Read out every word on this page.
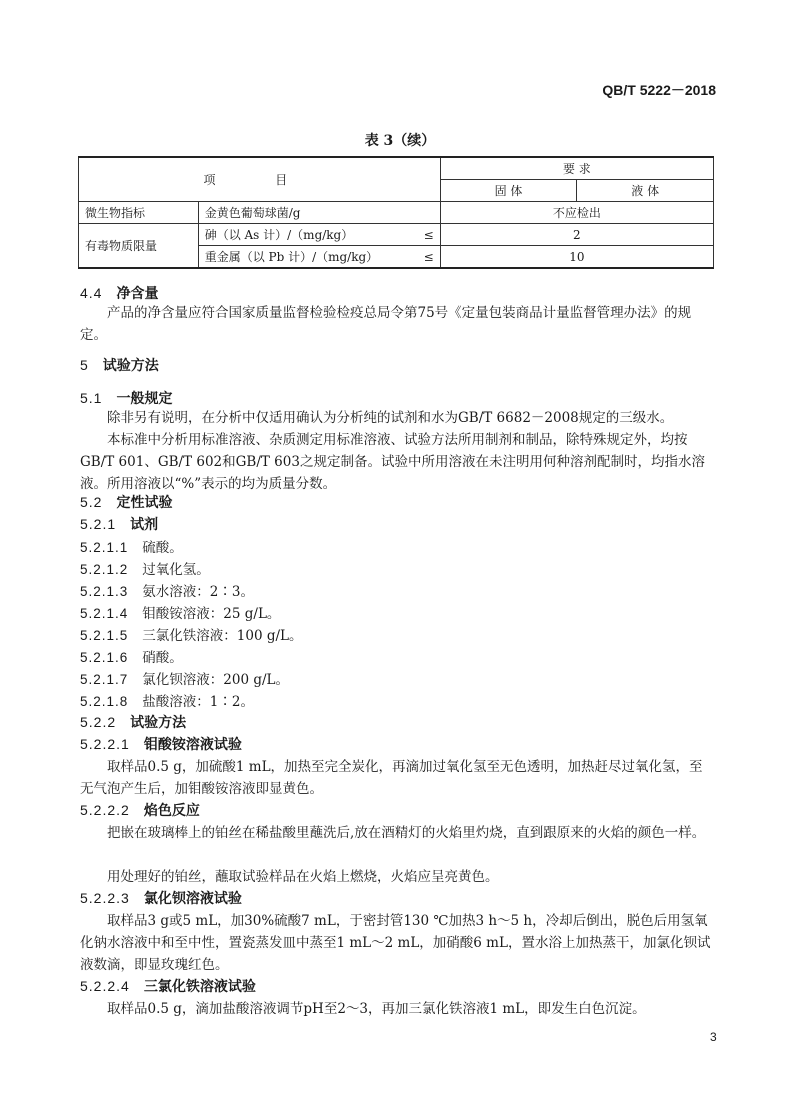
QB/T 5222－2018
表 3（续）
项 目			要 求	
			固 体	液 体
微生物指标	金黄色葡萄球菌/g		不应检出	
有毒物质限量	砷（以 As 计）/（mg/kg）	≤	2	
	重金属（以 Pb 计）/（mg/kg）	≤	10	
4.4 净含量
产品的净含量应符合国家质量监督检验检疫总局令第75号《定量包装商品计量监督管理办法》的规定。
5 试验方法
5.1 一般规定
除非另有说明，在分析中仅适用确认为分析纯的试剂和水为GB/T 6682－2008规定的三级水。
本标准中分析用标准溶液、杂质测定用标准溶液、试验方法所用制剂和制品，除特殊规定外，均按GB/T 601、GB/T 602和GB/T 603之规定制备。试验中所用溶液在未注明用何种溶剂配制时，均指水溶液。所用溶液以“%”表示的均为质量分数。
5.2 定性试验
5.2.1 试剂
5.2.1.1 硫酸。
5.2.1.2 过氧化氢。
5.2.1.3 氨水溶液：2∶3。
5.2.1.4 钼酸铵溶液：25 g/L。
5.2.1.5 三氯化铁溶液：100 g/L。
5.2.1.6 硝酸。
5.2.1.7 氯化钡溶液：200 g/L。
5.2.1.8 盐酸溶液：1∶2。
5.2.2 试验方法
5.2.2.1 钼酸铵溶液试验
取样品0.5 g，加硫酸1 mL，加热至完全炭化，再滴加过氧化氢至无色透明，加热赶尽过氧化氢，至无气泡产生后，加钼酸铵溶液即显黄色。
5.2.2.2 焰色反应
把嵌在玻璃棒上的铂丝在稀盐酸里蘸洗后,放在酒精灯的火焰里灼烧，直到跟原来的火焰的颜色一样。
用处理好的铂丝，蘸取试验样品在火焰上燃烧，火焰应呈亮黄色。
5.2.2.3 氯化钡溶液试验
取样品3 g或5 mL，加30%硫酸7 mL，于密封管130 ℃加热3 h～5 h，冷却后倒出，脱色后用氢氧化钠水溶液中和至中性，置瓷蒸发皿中蒸至1 mL～2 mL，加硝酸6 mL，置水浴上加热蒸干，加氯化钡试液数滴，即显玫瑰红色。
5.2.2.4 三氯化铁溶液试验
取样品0.5 g，滴加盐酸溶液调节pH至2～3，再加三氯化铁溶液1 mL，即发生白色沉淀。
3
